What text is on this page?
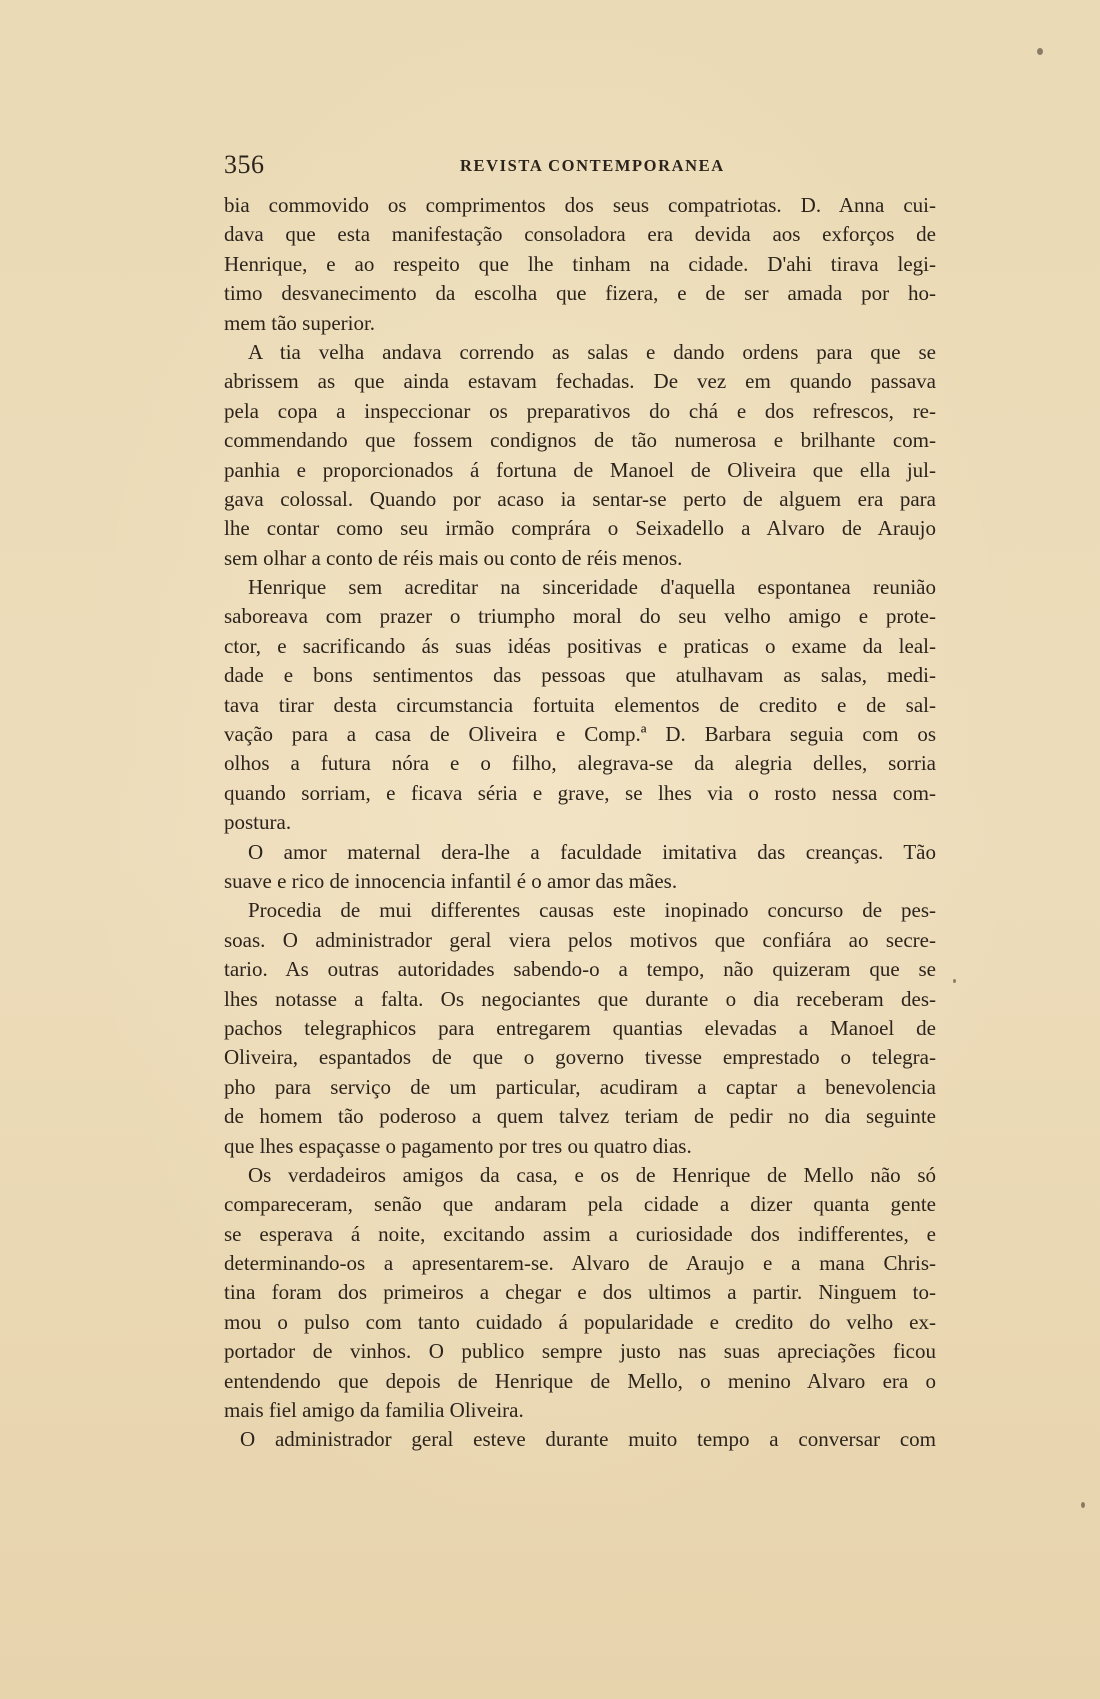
356	REVISTA CONTEMPORANEA
bia commovido os comprimentos dos seus compatriotas. D. Anna cui-
dava que esta manifestação consoladora era devida aos exforços de
Henrique, e ao respeito que lhe tinham na cidade. D'ahi tirava legi-
timo desvanecimento da escolha que fizera, e de ser amada por ho-
mem tão superior.
A tia velha andava correndo as salas e dando ordens para que se
abrissem as que ainda estavam fechadas. De vez em quando passava
pela copa a inspeccionar os preparativos do chá e dos refrescos, re-
commendando que fossem condignos de tão numerosa e brilhante com-
panhia e proporcionados á fortuna de Manoel de Oliveira que ella jul-
gava colossal. Quando por acaso ia sentar-se perto de alguem era para
lhe contar como seu irmão comprára o Seixadello a Alvaro de Araujo
sem olhar a conto de réis mais ou conto de réis menos.
Henrique sem acreditar na sinceridade d'aquella espontanea reunião
saboreava com prazer o triumpho moral do seu velho amigo e prote-
ctor, e sacrificando ás suas idéas positivas e praticas o exame da leal-
dade e bons sentimentos das pessoas que atulhavam as salas, medi-
tava tirar desta circumstancia fortuita elementos de credito e de sal-
vação para a casa de Oliveira e Comp.ª D. Barbara seguia com os
olhos a futura nóra e o filho, alegrava-se da alegria delles, sorria
quando sorriam, e ficava séria e grave, se lhes via o rosto nessa com-
postura.
O amor maternal dera-lhe a faculdade imitativa das creanças. Tão
suave e rico de innocencia infantil é o amor das mães.
Procedia de mui differentes causas este inopinado concurso de pes-
soas. O administrador geral viera pelos motivos que confiára ao secre-
tario. As outras autoridades sabendo-o a tempo, não quizeram que se
lhes notasse a falta. Os negociantes que durante o dia receberam des-
pachos telegraphicos para entregarem quantias elevadas a Manoel de
Oliveira, espantados de que o governo tivesse emprestado o telegra-
pho para serviço de um particular, acudiram a captar a benevolencia
de homem tão poderoso a quem talvez teriam de pedir no dia seguinte
que lhes espaçasse o pagamento por tres ou quatro dias.
Os verdadeiros amigos da casa, e os de Henrique de Mello não só
compareceram, senão que andaram pela cidade a dizer quanta gente
se esperava á noite, excitando assim a curiosidade dos indifferentes, e
determinando-os a apresentarem-se. Alvaro de Araujo e a mana Chris-
tina foram dos primeiros a chegar e dos ultimos a partir. Ninguem to-
mou o pulso com tanto cuidado á popularidade e credito do velho ex-
portador de vinhos. O publico sempre justo nas suas apreciações ficou
entendendo que depois de Henrique de Mello, o menino Alvaro era o
mais fiel amigo da familia Oliveira.
O administrador geral esteve durante muito tempo a conversar com
